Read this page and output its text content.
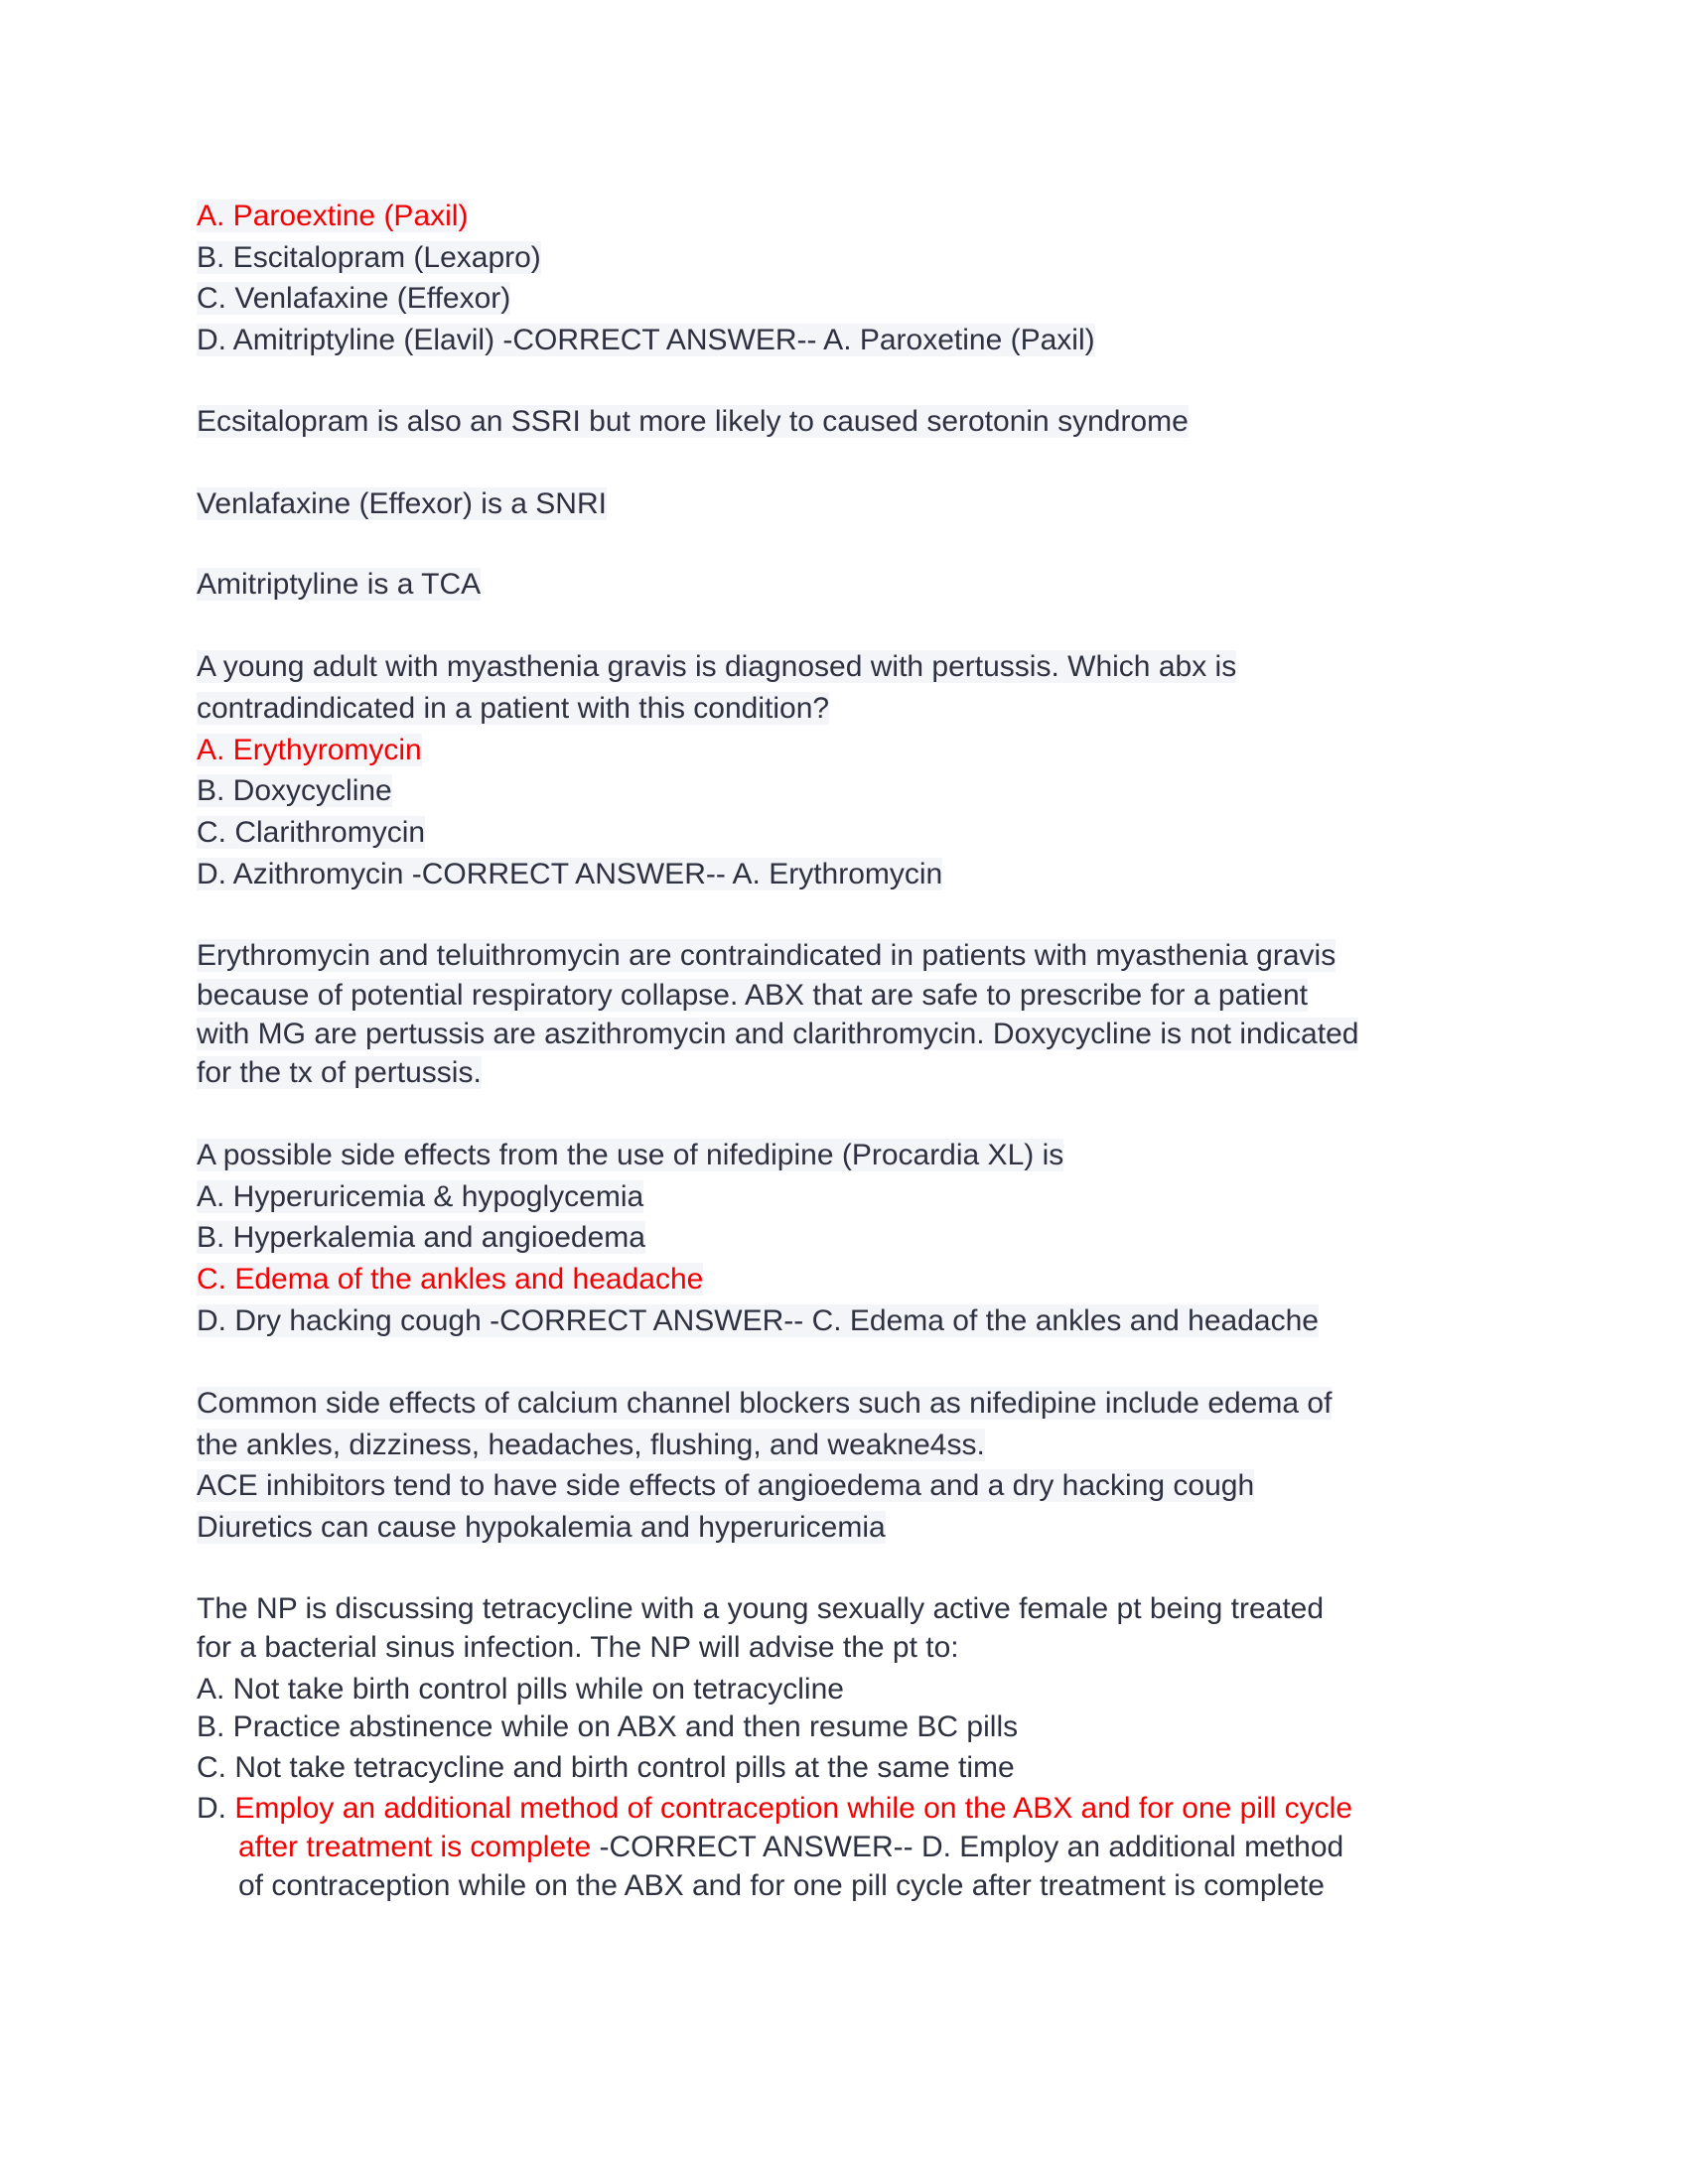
A. Paroextine (Paxil)
B. Escitalopram (Lexapro)
C. Venlafaxine (Effexor)
D. Amitriptyline (Elavil) -CORRECT ANSWER-- A. Paroxetine (Paxil)
Ecsitalopram is also an SSRI but more likely to caused serotonin syndrome
Venlafaxine (Effexor) is a SNRI
Amitriptyline is a TCA
A young adult with myasthenia gravis is diagnosed with pertussis. Which abx is
contradindicated in a patient with this condition?
A. Erythyromycin
B. Doxycycline
C. Clarithromycin
D. Azithromycin -CORRECT ANSWER-- A. Erythromycin
Erythromycin and teluithromycin are contraindicated in patients with myasthenia gravis
because of potential respiratory collapse. ABX that are safe to prescribe for a patient
with MG are pertussis are aszithromycin and clarithromycin. Doxycycline is not indicated
for the tx of pertussis.
A possible side effects from the use of nifedipine (Procardia XL) is
A. Hyperuricemia & hypoglycemia
B. Hyperkalemia and angioedema
C. Edema of the ankles and headache
D. Dry hacking cough -CORRECT ANSWER-- C. Edema of the ankles and headache
Common side effects of calcium channel blockers such as nifedipine include edema of
the ankles, dizziness, headaches, flushing, and weakne4ss.
ACE inhibitors tend to have side effects of angioedema and a dry hacking cough
Diuretics can cause hypokalemia and hyperuricemia
The NP is discussing tetracycline with a young sexually active female pt being treated
for a bacterial sinus infection. The NP will advise the pt to:
A. Not take birth control pills while on tetracycline
B. Practice abstinence while on ABX and then resume BC pills
C. Not take tetracycline and birth control pills at the same time
D. Employ an additional method of contraception while on the ABX and for one pill cycle
after treatment is complete -CORRECT ANSWER-- D. Employ an additional method
of contraception while on the ABX and for one pill cycle after treatment is complete
